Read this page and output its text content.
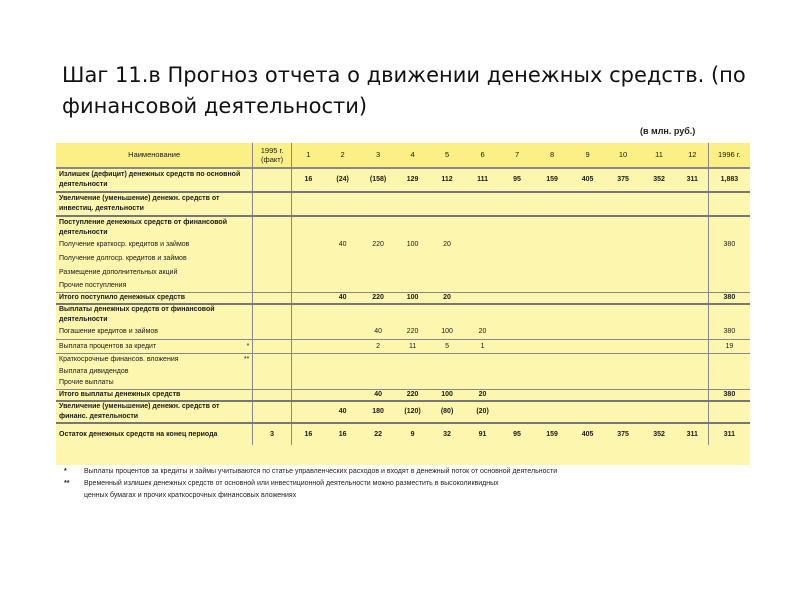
Шаг 11.в Прогноз отчета о движении денежных средств. (по финансовой деятельности)
(в млн. руб.)
Наименование	1995 г. (факт)	1	2	3	4	5	6	7	8	9	10	11	12	1996 г.
Излишек (дефицит) денежных средств по основной деятельности		16	(24)	(158)	129	112	111	95	159	405	375	352	311	1,883
Увеличение (уменьшение) денежн. средств от инвестиц. деятельности														
Поступление денежных средств от финансовой деятельности														
Получение краткоср. кредитов и займов			40	220	100	20								380
Получение долгоср. кредитов и займов														
Размещение дополнительных акций														
Прочие поступления														
Итого поступило денежных средств			40	220	100	20								380
Выплаты денежных средств от финансовой деятельности														
Погашение кредитов и займов				40	220	100	20							380
Выплата процентов за кредит *				2	11	5	1							19
Краткосрочные финансов. вложения **														

Выплата дивидендов														
Прочие выплаты														
Итого выплаты денежных средств				40	220	100	20							380
Увеличение (уменьшение) денежн. средств от финанс. деятельности			40	180	(120)	(80)	(20)							
Остаток денежных средств на конец периода	3	16	16	22	9	32	91	95	159	405	375	352	311	311
* Выплаты процентов за кредиты и займы учитываются по статье управленческих расходов и входят в денежный поток от основной деятельности
** Временный излишек денежных средств от основной или инвестиционной деятельности можно разместить в высоколиквидных
ценных бумагах и прочих краткосрочных финансовых вложениях
